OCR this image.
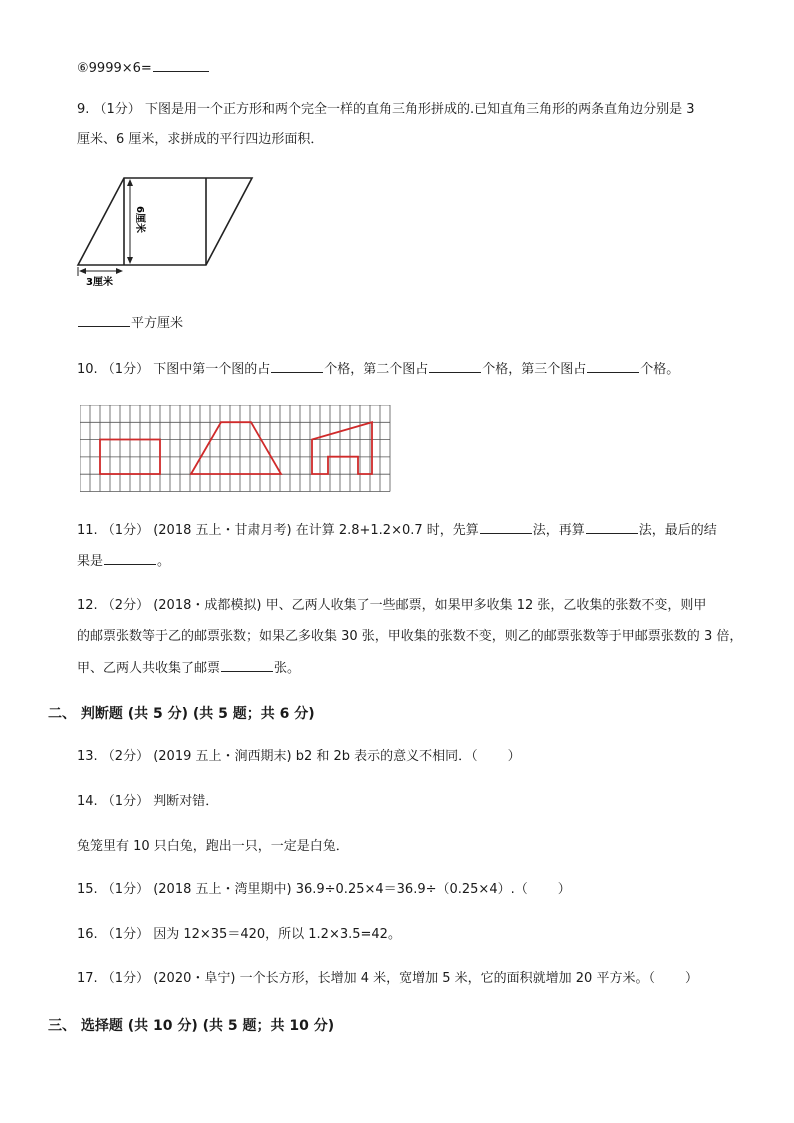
⑥9999×6=
9. （1分） 下图是用一个正方形和两个完全一样的直角三角形拼成的.已知直角三角形的两条直角边分别是 3
厘米、6 厘米，求拼成的平行四边形面积．
6厘米
3厘米
平方厘米
10. （1分） 下图中第一个图的占	个格，第二个图占	个格，第三个图占	个格。
11. （1分） (2018 五上・甘肃月考) 在计算 2.8+1.2×0.7 时，先算	法，再算	法，最后的结
果是	。
12. （2分） (2018・成都模拟) 甲、乙两人收集了一些邮票，如果甲多收集 12 张，乙收集的张数不变，则甲
的邮票张数等于乙的邮票张数；如果乙多收集 30 张，甲收集的张数不变，则乙的邮票张数等于甲邮票张数的 3 倍，
甲、乙两人共收集了邮票	张。
二、 判断题 (共 5 分) (共 5 题；共 6 分)
13. （2分） (2019 五上・涧西期末) b2 和 2b 表示的意义不相同．（ ）
14. （1分） 判断对错．
兔笼里有 10 只白兔，跑出一只，一定是白兔．
15. （1分） (2018 五上・湾里期中) 36.9÷0.25×4＝36.9÷（0.25×4）.（ ）
16. （1分） 因为 12×35＝420，所以 1.2×3.5=42。
17. （1分） (2020・阜宁) 一个长方形，长增加 4 米，宽增加 5 米，它的面积就增加 20 平方米。（ ）
三、 选择题 (共 10 分) (共 5 题；共 10 分)
